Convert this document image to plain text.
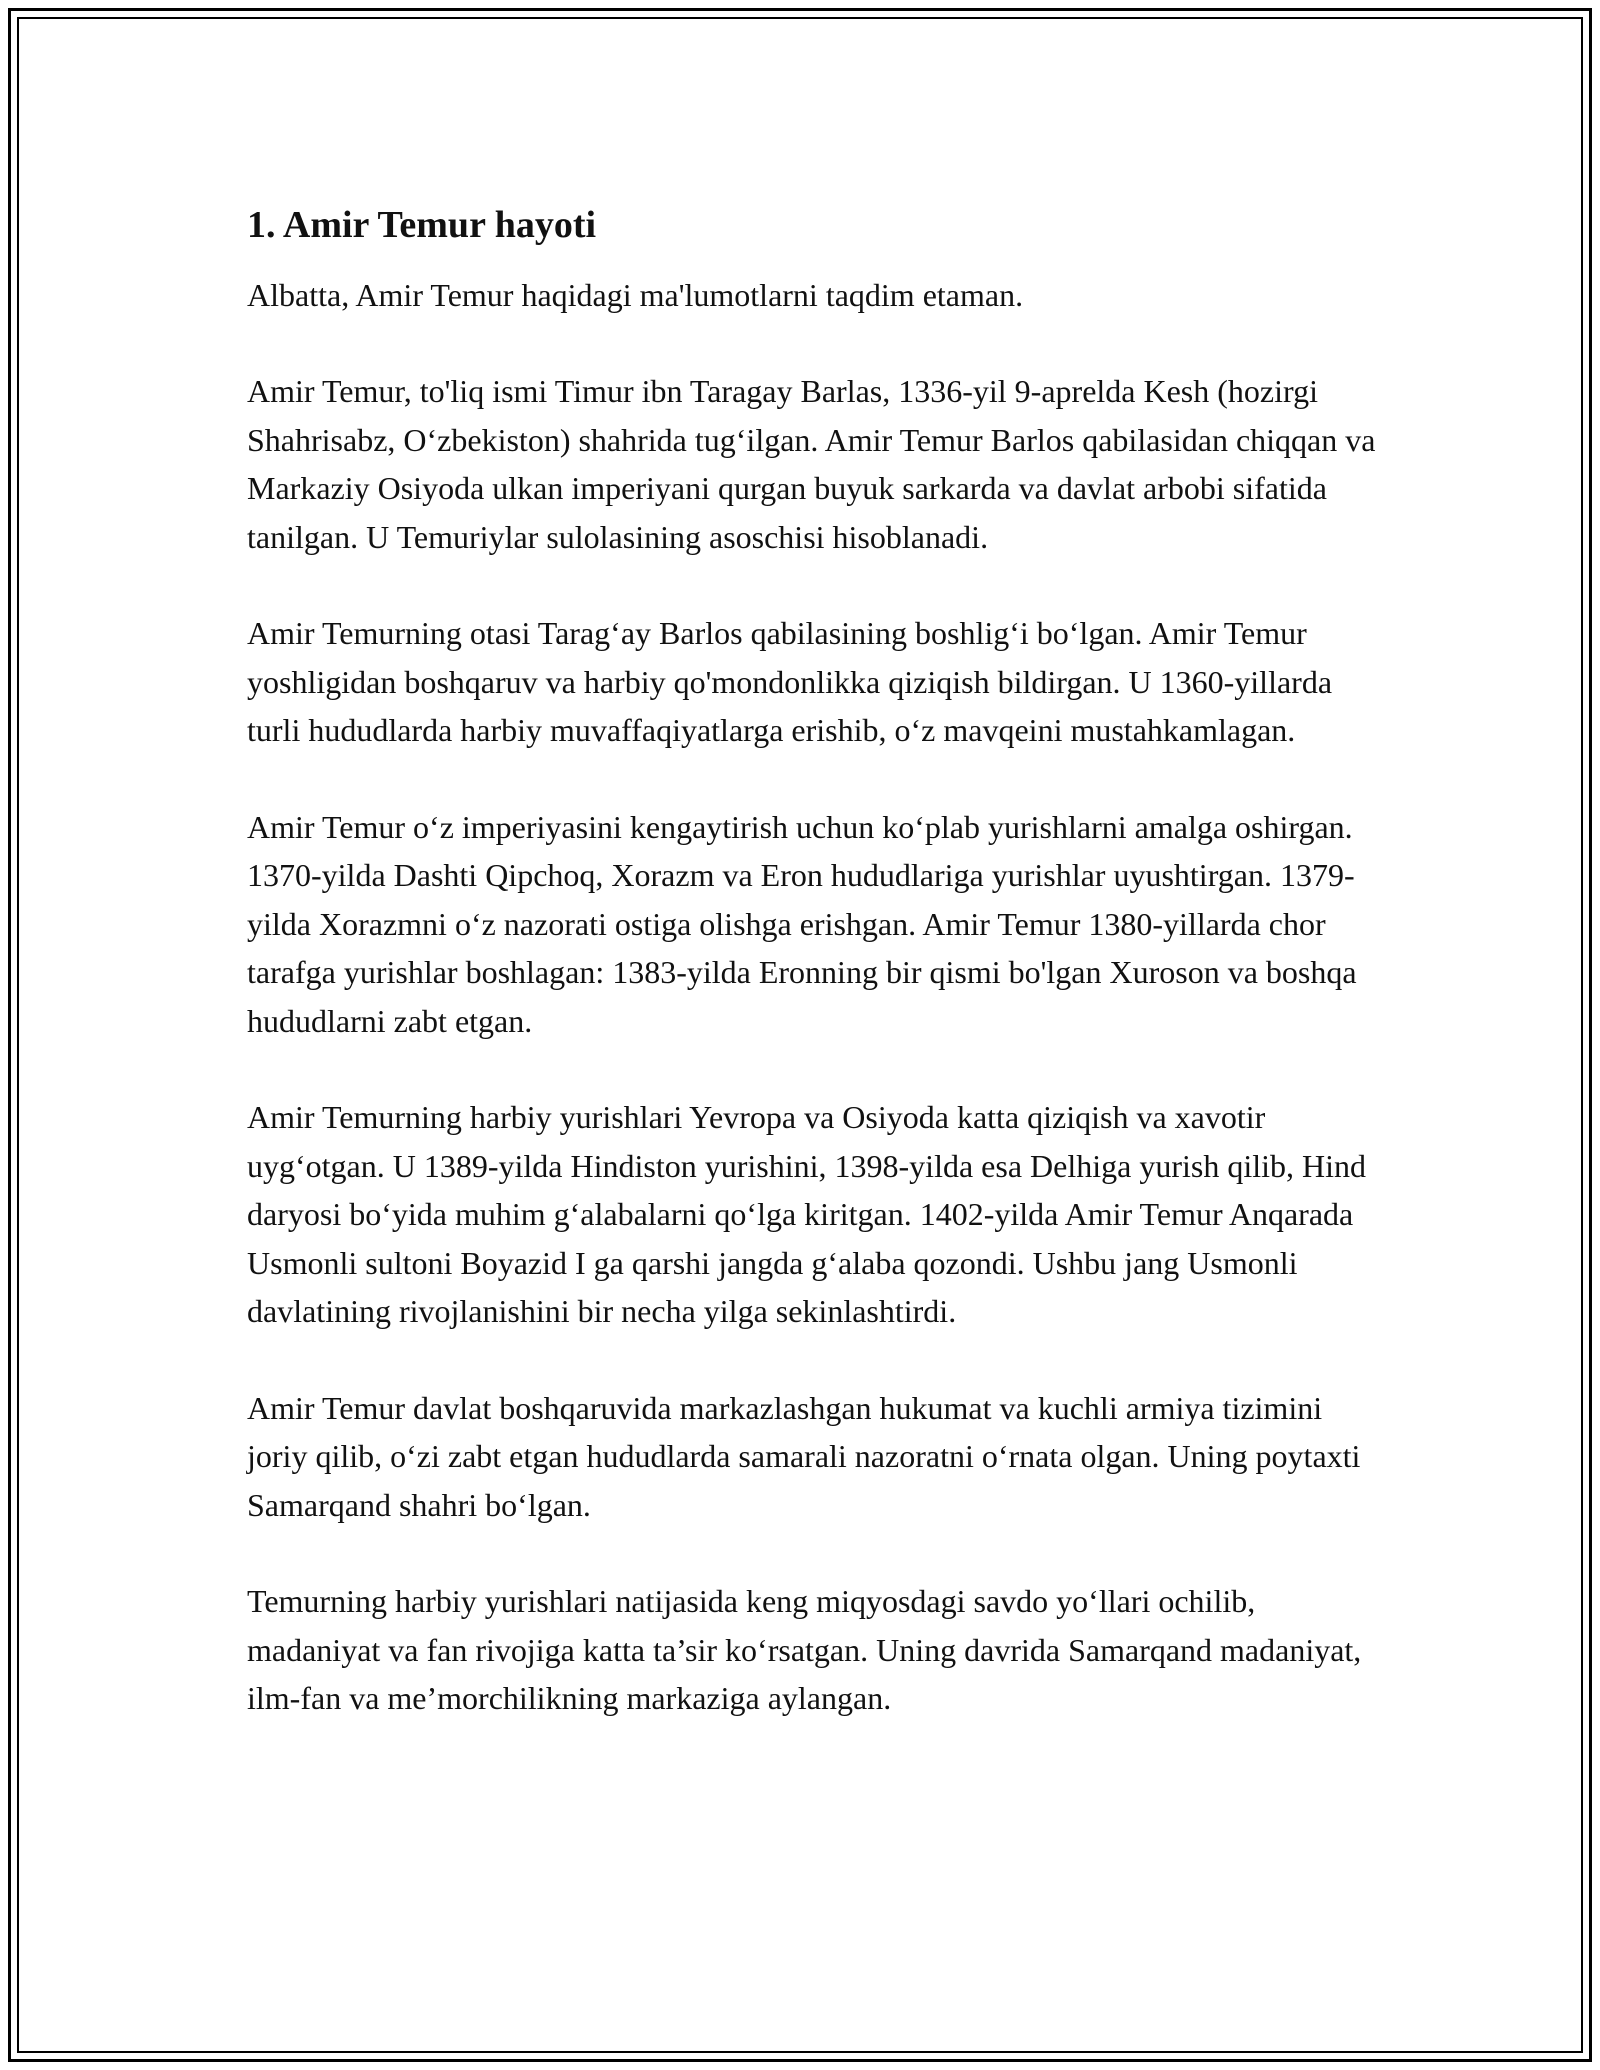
1. Amir Temur hayoti

Albatta, Amir Temur haqidagi ma'lumotlarni taqdim etaman.

Amir Temur, to'liq ismi Timur ibn Taragay Barlas, 1336-yil 9-aprelda Kesh (hozirgi Shahrisabz, O‘zbekiston) shahrida tug‘ilgan. Amir Temur Barlos qabilasidan chiqqan va Markaziy Osiyoda ulkan imperiyani qurgan buyuk sarkarda va davlat arbobi sifatida tanilgan. U Temuriylar sulolasining asoschisi hisoblanadi.

Amir Temurning otasi Tarag‘ay Barlos qabilasining boshlig‘i bo‘lgan. Amir Temur yoshligidan boshqaruv va harbiy qo'mondonlikka qiziqish bildirgan. U 1360-yillarda turli hududlarda harbiy muvaffaqiyatlarga erishib, o‘z mavqeini mustahkamlagan.

Amir Temur o‘z imperiyasini kengaytirish uchun ko‘plab yurishlarni amalga oshirgan. 1370-yilda Dashti Qipchoq, Xorazm va Eron hududlariga yurishlar uyushtirgan. 1379-yilda Xorazmni o‘z nazorati ostiga olishga erishgan. Amir Temur 1380-yillarda chor tarafga yurishlar boshlagan: 1383-yilda Eronning bir qismi bo'lgan Xuroson va boshqa hududlarni zabt etgan.

Amir Temurning harbiy yurishlari Yevropa va Osiyoda katta qiziqish va xavotir uyg‘otgan. U 1389-yilda Hindiston yurishini, 1398-yilda esa Delhiga yurish qilib, Hind daryosi bo‘yida muhim g‘alabalarni qo‘lga kiritgan. 1402-yilda Amir Temur Anqarada Usmonli sultoni Boyazid I ga qarshi jangda g‘alaba qozondi. Ushbu jang Usmonli davlatining rivojlanishini bir necha yilga sekinlashtirdi.

Amir Temur davlat boshqaruvida markazlashgan hukumat va kuchli armiya tizimini joriy qilib, o‘zi zabt etgan hududlarda samarali nazoratni o‘rnata olgan. Uning poytaxti Samarqand shahri bo‘lgan.

Temurning harbiy yurishlari natijasida keng miqyosdagi savdo yo‘llari ochilib, madaniyat va fan rivojiga katta ta’sir ko‘rsatgan. Uning davrida Samarqand madaniyat, ilm-fan va me’morchilikning markaziga aylangan.
